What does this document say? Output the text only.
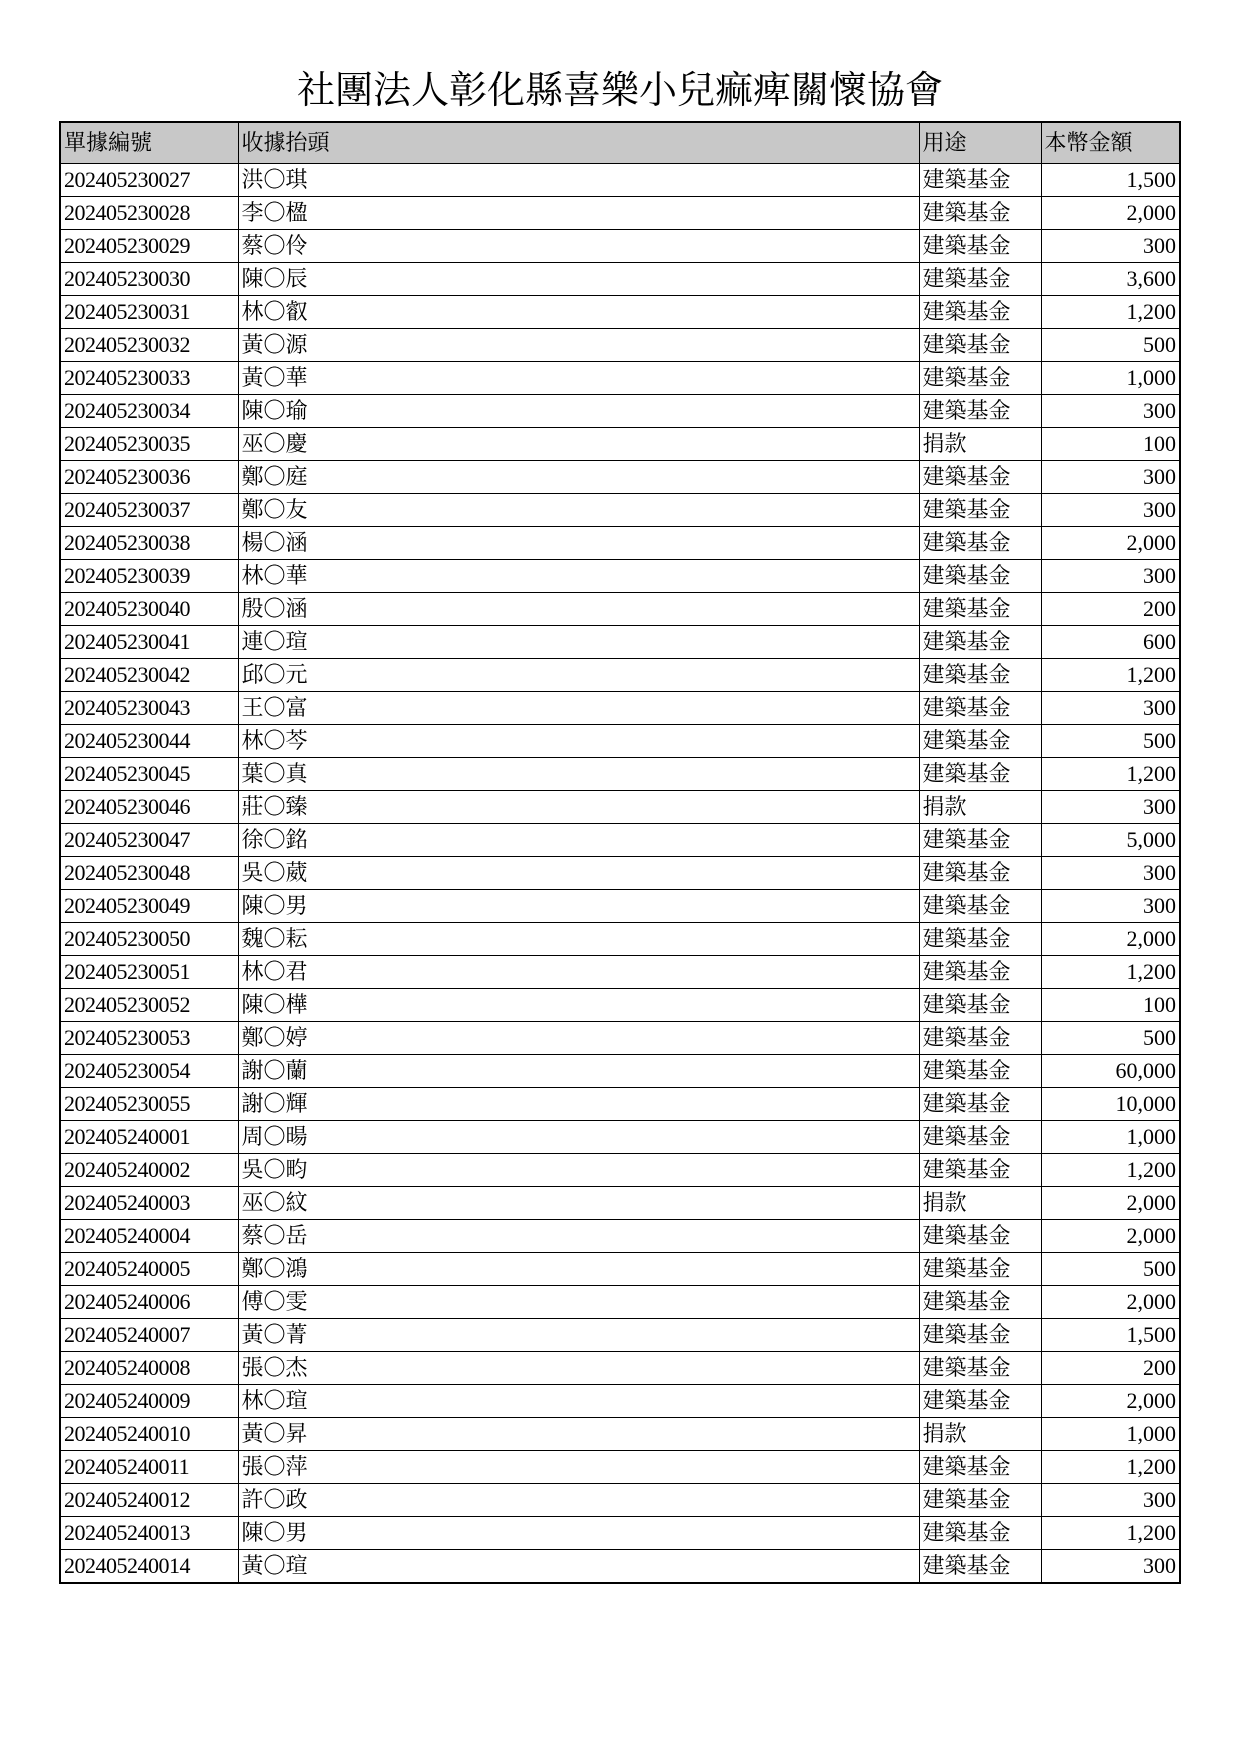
社團法人彰化縣喜樂小兒痲痺關懷協會
單據編號	收據抬頭	用途	本幣金額
202405230027	洪〇琪	建築基金	1,500
202405230028	李〇楹	建築基金	2,000
202405230029	蔡〇伶	建築基金	300
202405230030	陳〇辰	建築基金	3,600
202405230031	林〇叡	建築基金	1,200
202405230032	黃〇源	建築基金	500
202405230033	黃〇華	建築基金	1,000
202405230034	陳〇瑜	建築基金	300
202405230035	巫〇慶	捐款	100
202405230036	鄭〇庭	建築基金	300
202405230037	鄭〇友	建築基金	300
202405230038	楊〇涵	建築基金	2,000
202405230039	林〇華	建築基金	300
202405230040	殷〇涵	建築基金	200
202405230041	連〇瑄	建築基金	600
202405230042	邱〇元	建築基金	1,200
202405230043	王〇富	建築基金	300
202405230044	林〇芩	建築基金	500
202405230045	葉〇真	建築基金	1,200
202405230046	莊〇臻	捐款	300
202405230047	徐〇銘	建築基金	5,000
202405230048	吳〇葳	建築基金	300
202405230049	陳〇男	建築基金	300
202405230050	魏〇耘	建築基金	2,000
202405230051	林〇君	建築基金	1,200
202405230052	陳〇樺	建築基金	100
202405230053	鄭〇婷	建築基金	500
202405230054	謝〇蘭	建築基金	60,000
202405230055	謝〇輝	建築基金	10,000
202405240001	周〇暘	建築基金	1,000
202405240002	吳〇畇	建築基金	1,200
202405240003	巫〇紋	捐款	2,000
202405240004	蔡〇岳	建築基金	2,000
202405240005	鄭〇鴻	建築基金	500
202405240006	傅〇雯	建築基金	2,000
202405240007	黃〇菁	建築基金	1,500
202405240008	張〇杰	建築基金	200
202405240009	林〇瑄	建築基金	2,000
202405240010	黃〇昇	捐款	1,000
202405240011	張〇萍	建築基金	1,200
202405240012	許〇政	建築基金	300
202405240013	陳〇男	建築基金	1,200
202405240014	黃〇瑄	建築基金	300
